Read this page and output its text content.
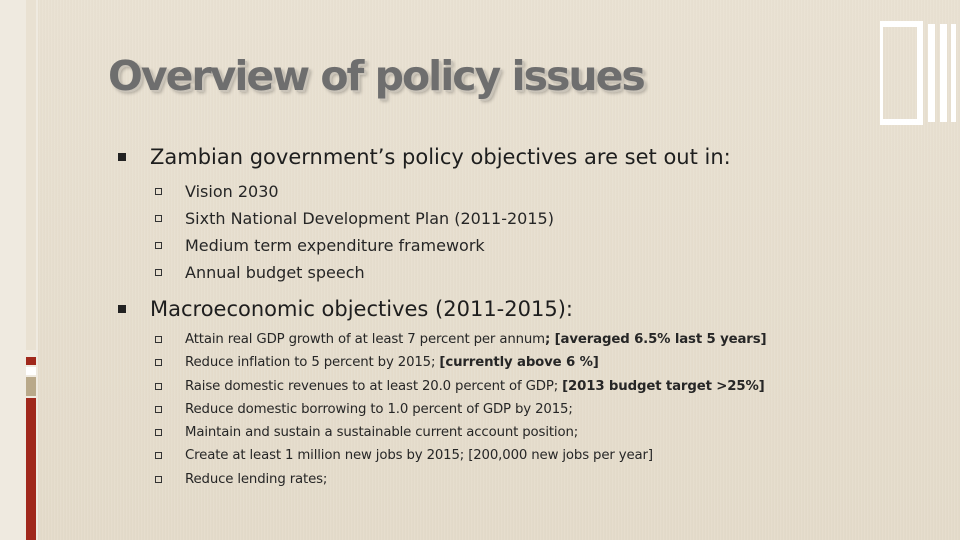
Overview of policy issues
Zambian government’s policy objectives are set out in:
Vision 2030
Sixth National Development Plan (2011-2015)
Medium term expenditure framework
Annual budget speech
Macroeconomic objectives (2011-2015):
Attain real GDP growth of at least 7 percent per annum; [averaged 6.5% last 5 years]
Reduce inflation to 5 percent by 2015; [currently above 6 %]
Raise domestic revenues to at least 20.0 percent of GDP; [2013 budget target >25%]
Reduce domestic borrowing to 1.0 percent of GDP by 2015;
Maintain and sustain a sustainable current account position;
Create at least 1 million new jobs by 2015; [200,000 new jobs per year]
Reduce lending rates;
